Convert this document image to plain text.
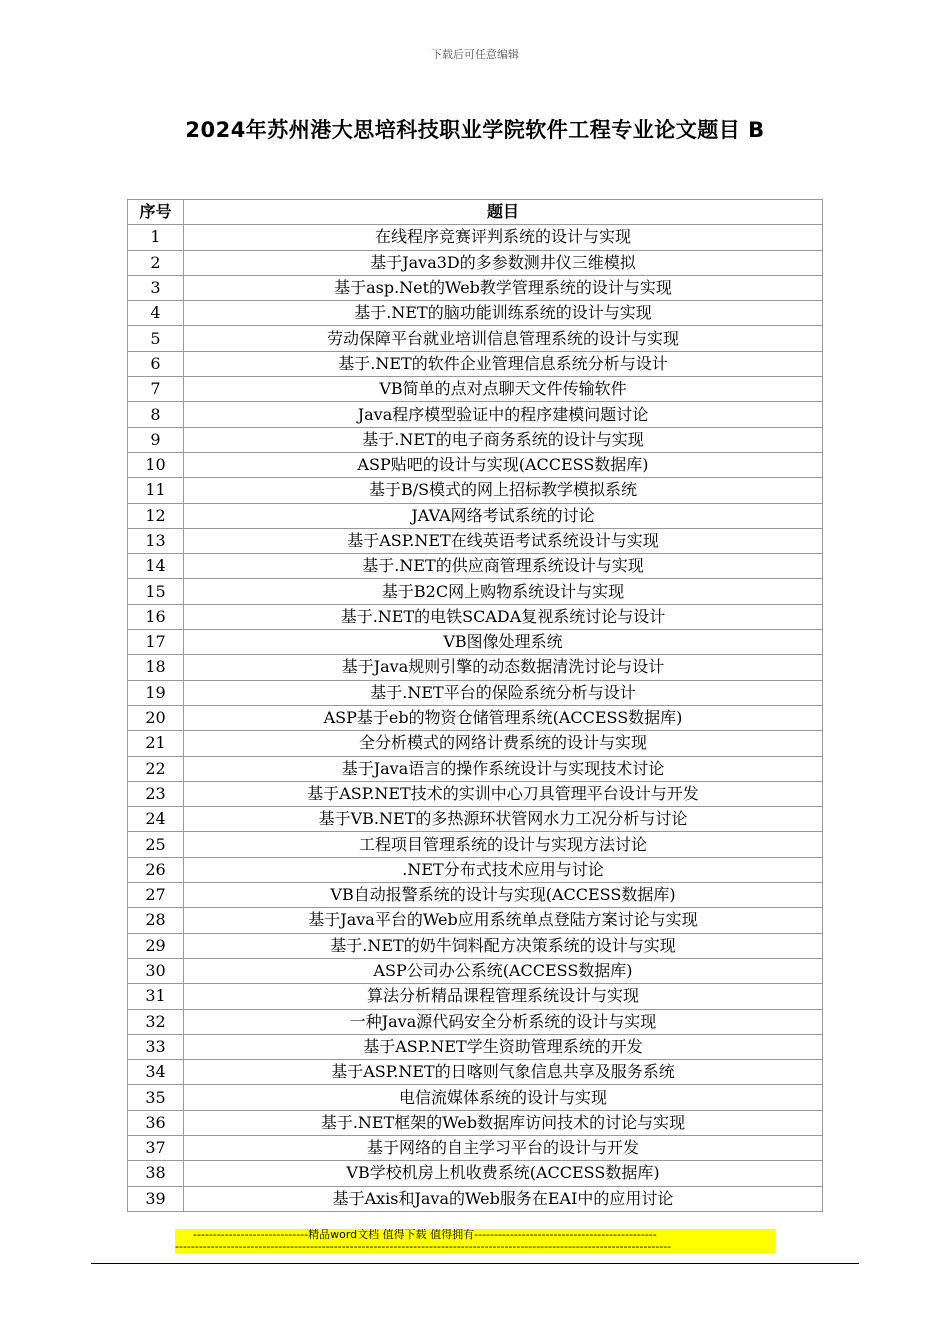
下载后可任意编辑
2024年苏州港大思培科技职业学院软件工程专业论文题目 B
序号	题目
1	在线程序竞赛评判系统的设计与实现
2	基于Java3D的多参数测井仪三维模拟
3	基于asp.Net的Web教学管理系统的设计与实现
4	基于.NET的脑功能训练系统的设计与实现
5	劳动保障平台就业培训信息管理系统的设计与实现
6	基于.NET的软件企业管理信息系统分析与设计
7	VB简单的点对点聊天文件传输软件
8	Java程序模型验证中的程序建模问题讨论
9	基于.NET的电子商务系统的设计与实现
10	ASP贴吧的设计与实现(ACCESS数据库)
11	基于B/S模式的网上招标教学模拟系统
12	JAVA网络考试系统的讨论
13	基于ASP.NET在线英语考试系统设计与实现
14	基于.NET的供应商管理系统设计与实现
15	基于B2C网上购物系统设计与实现
16	基于.NET的电铁SCADA复视系统讨论与设计
17	VB图像处理系统
18	基于Java规则引擎的动态数据清洗讨论与设计
19	基于.NET平台的保险系统分析与设计
20	ASP基于eb的物资仓储管理系统(ACCESS数据库)
21	全分析模式的网络计费系统的设计与实现
22	基于Java语言的操作系统设计与实现技术讨论
23	基于ASP.NET技术的实训中心刀具管理平台设计与开发
24	基于VB.NET的多热源环状管网水力工况分析与讨论
25	工程项目管理系统的设计与实现方法讨论
26	.NET分布式技术应用与讨论
27	VB自动报警系统的设计与实现(ACCESS数据库)
28	基于Java平台的Web应用系统单点登陆方案讨论与实现
29	基于.NET的奶牛饲料配方决策系统的设计与实现
30	ASP公司办公系统(ACCESS数据库)
31	算法分析精品课程管理系统设计与实现
32	一种Java源代码安全分析系统的设计与实现
33	基于ASP.NET学生资助管理系统的开发
34	基于ASP.NET的日喀则气象信息共享及服务系统
35	电信流媒体系统的设计与实现
36	基于.NET框架的Web数据库访问技术的讨论与实现
37	基于网络的自主学习平台的设计与开发
38	VB学校机房上机收费系统(ACCESS数据库)
39	基于Axis和Java的Web服务在EAI中的应用讨论
-----------------------------精品word文档 值得下载 值得拥有----------------------------------------------
-----------------------------------------------------------------------------------------------------------------------------
